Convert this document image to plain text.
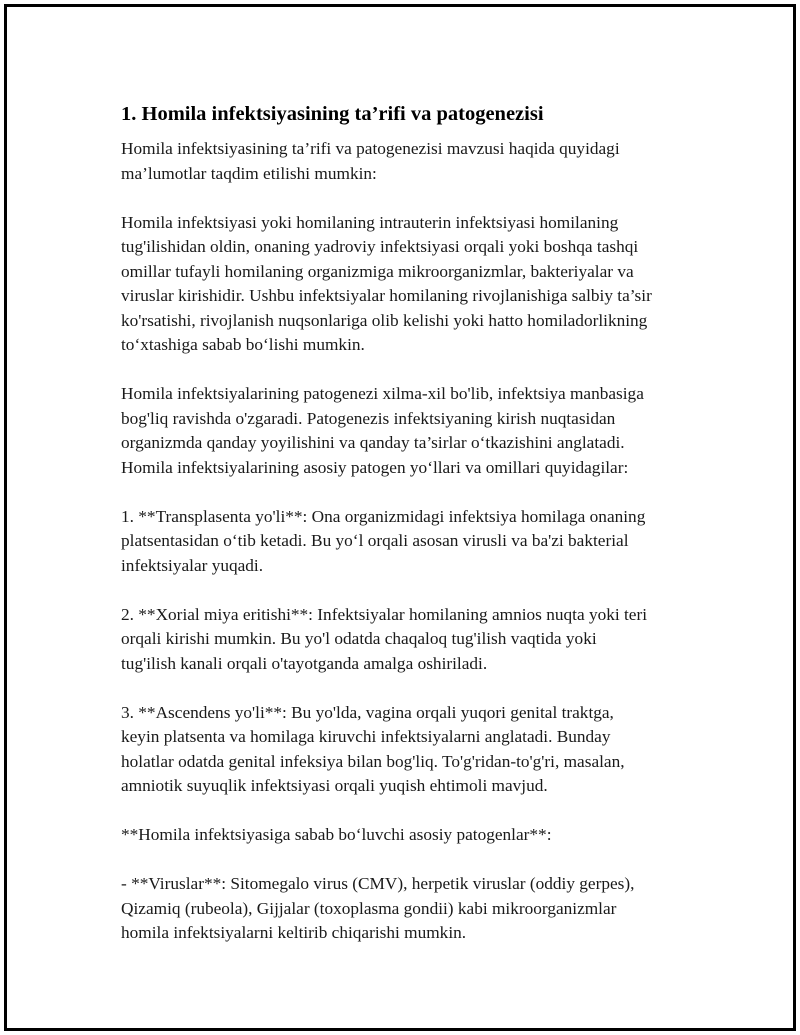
1. Homila infektsiyasining ta’rifi va patogenezisi

Homila infektsiyasining ta’rifi va patogenezisi mavzusi haqida quyidagi
ma’lumotlar taqdim etilishi mumkin:

Homila infektsiyasi yoki homilaning intrauterin infektsiyasi homilaning
tug'ilishidan oldin, onaning yadroviy infektsiyasi orqali yoki boshqa tashqi
omillar tufayli homilaning organizmiga mikroorganizmlar, bakteriyalar va
viruslar kirishidir. Ushbu infektsiyalar homilaning rivojlanishiga salbiy ta’sir
ko'rsatishi, rivojlanish nuqsonlariga olib kelishi yoki hatto homiladorlikning
to‘xtashiga sabab bo‘lishi mumkin.

Homila infektsiyalarining patogenezi xilma-xil bo'lib, infektsiya manbasiga
bog'liq ravishda o'zgaradi. Patogenezis infektsiyaning kirish nuqtasidan
organizmda qanday yoyilishini va qanday ta’sirlar o‘tkazishini anglatadi.
Homila infektsiyalarining asosiy patogen yo‘llari va omillari quyidagilar:

1. **Transplasenta yo'li**: Ona organizmidagi infektsiya homilaga onaning
platsentasidan o‘tib ketadi. Bu yo‘l orqali asosan virusli va ba'zi bakterial
infektsiyalar yuqadi.

2. **Xorial miya eritishi**: Infektsiyalar homilaning amnios nuqta yoki teri
orqali kirishi mumkin. Bu yo'l odatda chaqaloq tug'ilish vaqtida yoki
tug'ilish kanali orqali o'tayotganda amalga oshiriladi.

3. **Ascendens yo'li**: Bu yo'lda, vagina orqali yuqori genital traktga,
keyin platsenta va homilaga kiruvchi infektsiyalarni anglatadi. Bunday
holatlar odatda genital infeksiya bilan bog'liq. To'g'ridan-to'g'ri, masalan,
amniotik suyuqlik infektsiyasi orqali yuqish ehtimoli mavjud.

**Homila infektsiyasiga sabab bo‘luvchi asosiy patogenlar**:

- **Viruslar**: Sitomegalo virus (CMV), herpetik viruslar (oddiy gerpes),
Qizamiq (rubeola), Gijjalar (toxoplasma gondii) kabi mikroorganizmlar
homila infektsiyalarni keltirib chiqarishi mumkin.
